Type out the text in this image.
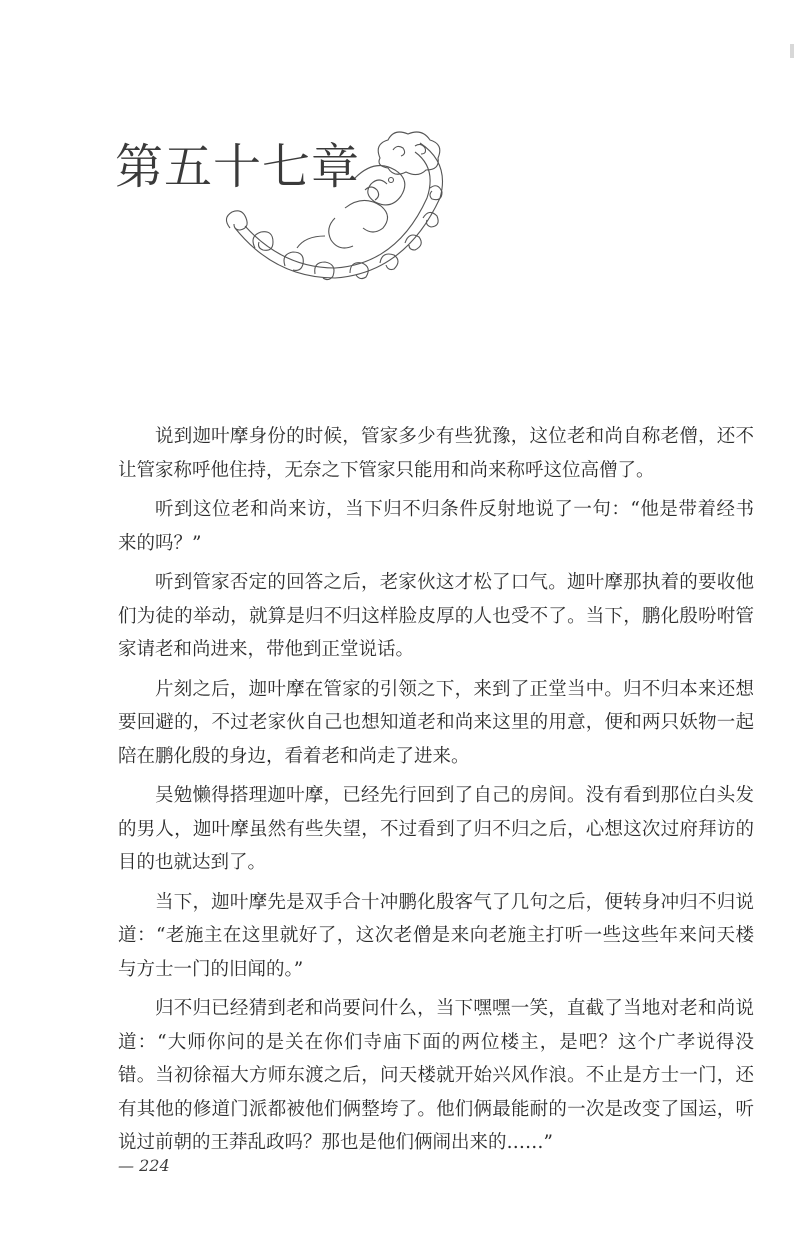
第五十七章

说到迦叶摩身份的时候，管家多少有些犹豫，这位老和尚自称老僧，还不让管家称呼他住持，无奈之下管家只能用和尚来称呼这位高僧了。

听到这位老和尚来访，当下归不归条件反射地说了一句：“他是带着经书来的吗？”

听到管家否定的回答之后，老家伙这才松了口气。迦叶摩那执着的要收他们为徒的举动，就算是归不归这样脸皮厚的人也受不了。当下，鹏化殷吩咐管家请老和尚进来，带他到正堂说话。

片刻之后，迦叶摩在管家的引领之下，来到了正堂当中。归不归本来还想要回避的，不过老家伙自己也想知道老和尚来这里的用意，便和两只妖物一起陪在鹏化殷的身边，看着老和尚走了进来。

吴勉懒得搭理迦叶摩，已经先行回到了自己的房间。没有看到那位白头发的男人，迦叶摩虽然有些失望，不过看到了归不归之后，心想这次过府拜访的目的也就达到了。

当下，迦叶摩先是双手合十冲鹏化殷客气了几句之后，便转身冲归不归说道：“老施主在这里就好了，这次老僧是来向老施主打听一些这些年来问天楼与方士一门的旧闻的。”

归不归已经猜到老和尚要问什么，当下嘿嘿一笑，直截了当地对老和尚说道：“大师你问的是关在你们寺庙下面的两位楼主，是吧？这个广孝说得没错。当初徐福大方师东渡之后，问天楼就开始兴风作浪。不止是方士一门，还有其他的修道门派都被他们俩整垮了。他们俩最能耐的一次是改变了国运，听说过前朝的王莽乱政吗？那也是他们俩闹出来的……”

— 224
